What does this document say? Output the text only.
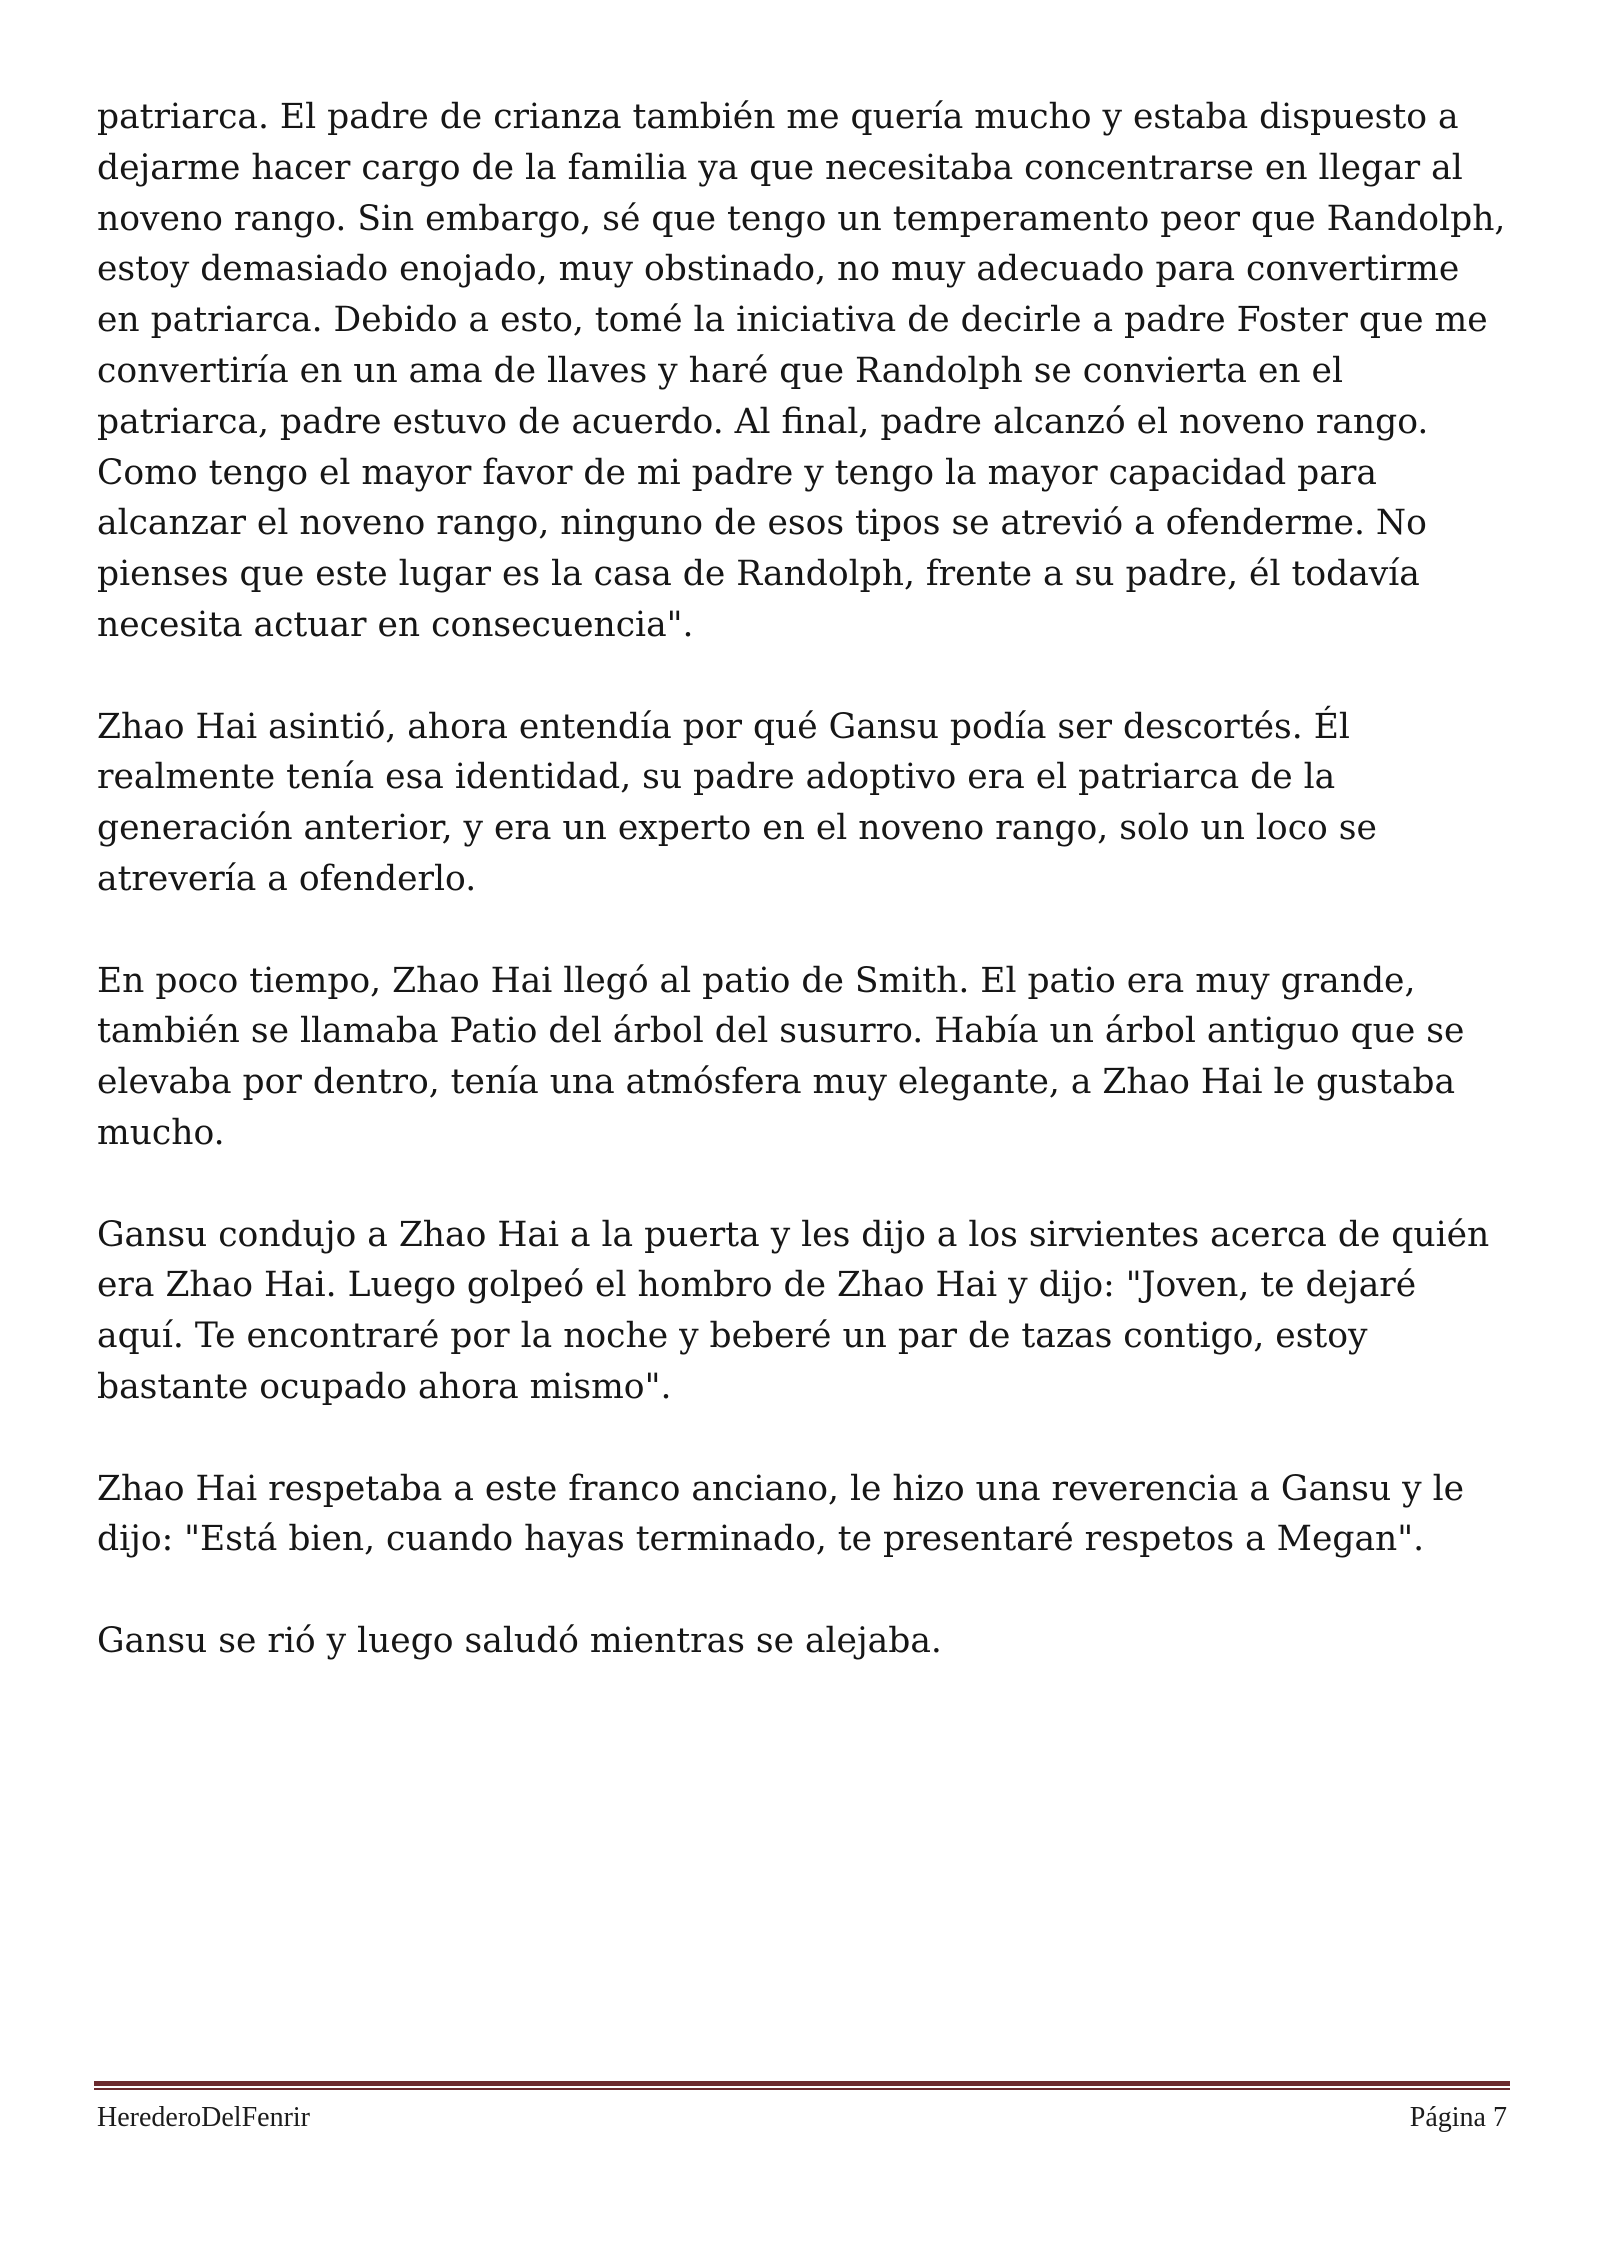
patriarca. El padre de crianza también me quería mucho y estaba dispuesto a dejarme hacer cargo de la familia ya que necesitaba concentrarse en llegar al noveno rango. Sin embargo, sé que tengo un temperamento peor que Randolph, estoy demasiado enojado, muy obstinado, no muy adecuado para convertirme en patriarca. Debido a esto, tomé la iniciativa de decirle a padre Foster que me convertiría en un ama de llaves y haré que Randolph se convierta en el patriarca, padre estuvo de acuerdo. Al final, padre alcanzó el noveno rango. Como tengo el mayor favor de mi padre y tengo la mayor capacidad para alcanzar el noveno rango, ninguno de esos tipos se atrevió a ofenderme. No pienses que este lugar es la casa de Randolph, frente a su padre, él todavía necesita actuar en consecuencia".

Zhao Hai asintió, ahora entendía por qué Gansu podía ser descortés. Él realmente tenía esa identidad, su padre adoptivo era el patriarca de la generación anterior, y era un experto en el noveno rango, solo un loco se atrevería a ofenderlo.

En poco tiempo, Zhao Hai llegó al patio de Smith. El patio era muy grande, también se llamaba Patio del árbol del susurro. Había un árbol antiguo que se elevaba por dentro, tenía una atmósfera muy elegante, a Zhao Hai le gustaba mucho.

Gansu condujo a Zhao Hai a la puerta y les dijo a los sirvientes acerca de quién era Zhao Hai. Luego golpeó el hombro de Zhao Hai y dijo: "Joven, te dejaré aquí. Te encontraré por la noche y beberé un par de tazas contigo, estoy bastante ocupado ahora mismo".

Zhao Hai respetaba a este franco anciano, le hizo una reverencia a Gansu y le dijo: "Está bien, cuando hayas terminado, te presentaré respetos a Megan".

Gansu se rió y luego saludó mientras se alejaba.

HerederoDelFenrir	Página 7
